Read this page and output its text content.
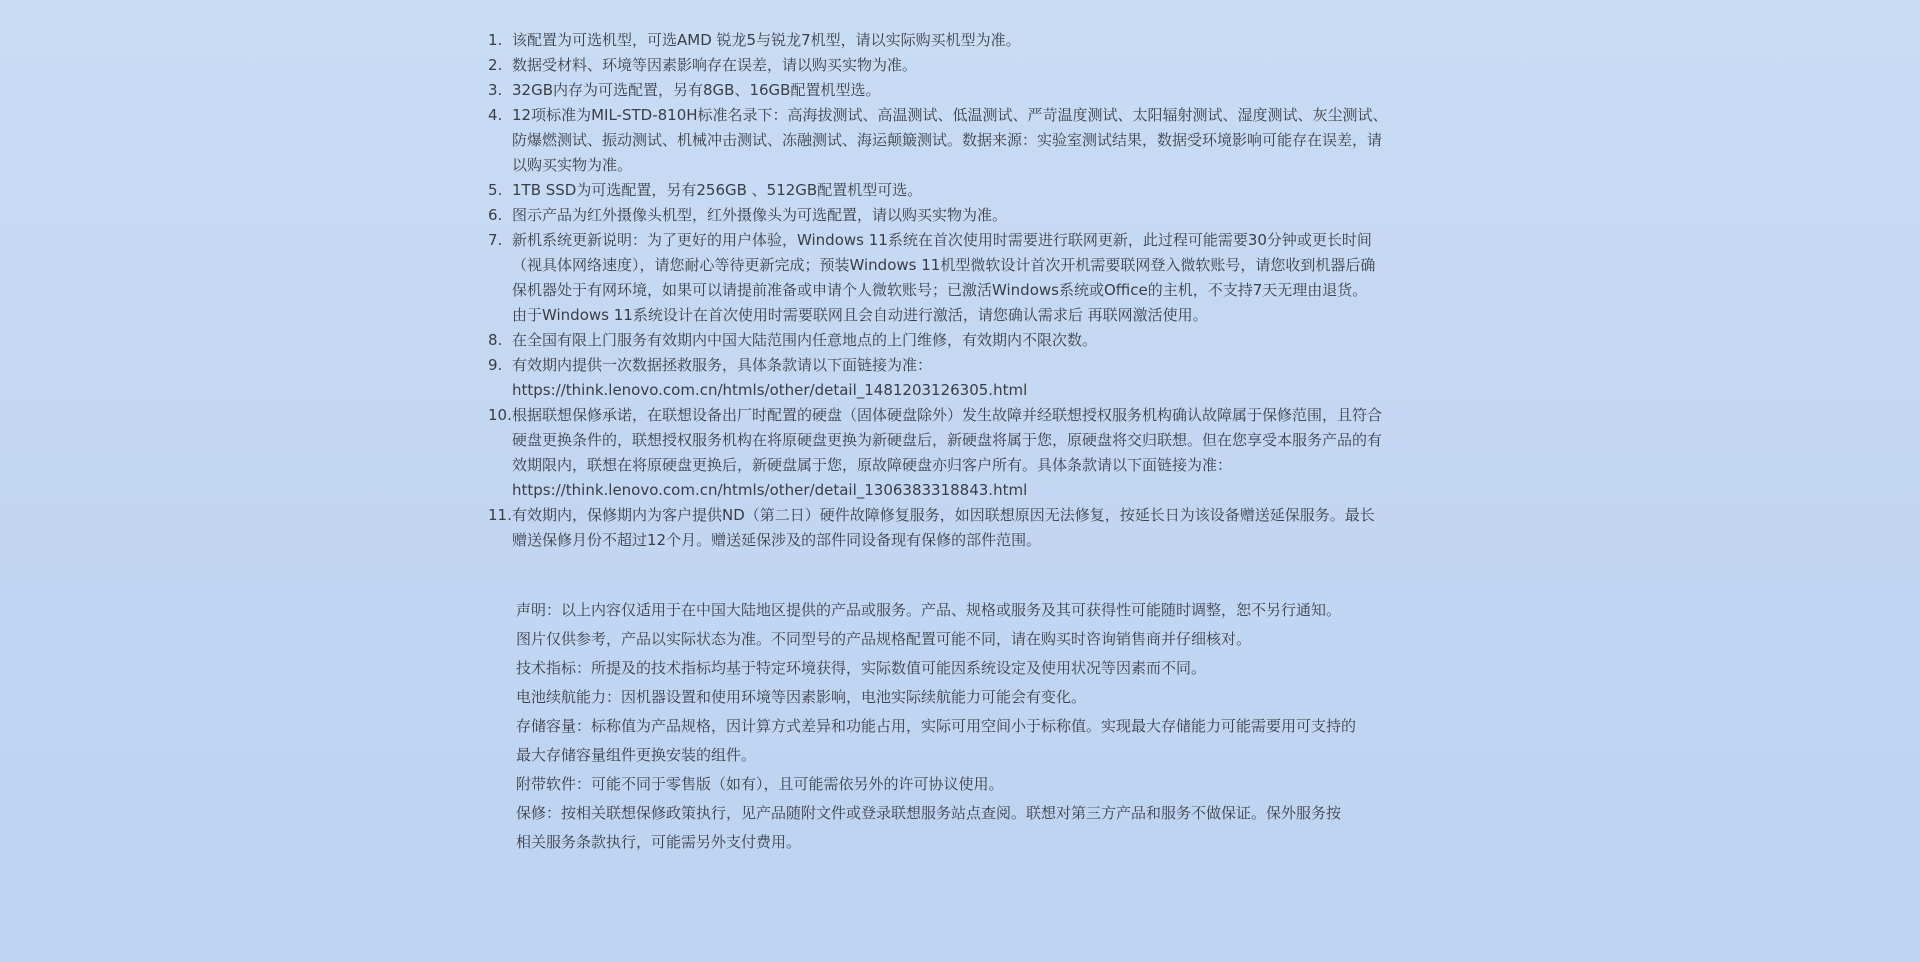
1. 该配置为可选机型，可选AMD 锐龙5与锐龙7机型，请以实际购买机型为准。
2. 数据受材料、环境等因素影响存在误差，请以购买实物为准。
3. 32GB内存为可选配置，另有8GB、16GB配置机型选。
4. 12项标准为MIL-STD-810H标准名录下：高海拔测试、高温测试、低温测试、严苛温度测试、太阳辐射测试、湿度测试、灰尘测试、
防爆燃测试、振动测试、机械冲击测试、冻融测试、海运颠簸测试。数据来源：实验室测试结果，数据受环境影响可能存在误差，请
以购买实物为准。
5. 1TB SSD为可选配置，另有256GB 、512GB配置机型可选。
6. 图示产品为红外摄像头机型，红外摄像头为可选配置，请以购买实物为准。
7. 新机系统更新说明：为了更好的用户体验，Windows 11系统在首次使用时需要进行联网更新，此过程可能需要30分钟或更长时间
（视具体网络速度），请您耐心等待更新完成；预装Windows 11机型微软设计首次开机需要联网登入微软账号，请您收到机器后确
保机器处于有网环境，如果可以请提前准备或申请个人微软账号；已激活Windows系统或Office的主机，不支持7天无理由退货。
由于Windows 11系统设计在首次使用时需要联网且会自动进行激活，请您确认需求后 再联网激活使用。
8. 在全国有限上门服务有效期内中国大陆范围内任意地点的上门维修，有效期内不限次数。
9. 有效期内提供一次数据拯救服务，具体条款请以下面链接为准：
https://think.lenovo.com.cn/htmls/other/detail_1481203126305.html
10. 根据联想保修承诺，在联想设备出厂时配置的硬盘（固体硬盘除外）发生故障并经联想授权服务机构确认故障属于保修范围，且符合
硬盘更换条件的，联想授权服务机构在将原硬盘更换为新硬盘后，新硬盘将属于您，原硬盘将交归联想。但在您享受本服务产品的有
效期限内，联想在将原硬盘更换后，新硬盘属于您，原故障硬盘亦归客户所有。具体条款请以下面链接为准：
https://think.lenovo.com.cn/htmls/other/detail_1306383318843.html
11. 有效期内，保修期内为客户提供ND（第二日）硬件故障修复服务，如因联想原因无法修复，按延长日为该设备赠送延保服务。最长
赠送保修月份不超过12个月。赠送延保涉及的部件同设备现有保修的部件范围。
声明：以上内容仅适用于在中国大陆地区提供的产品或服务。产品、规格或服务及其可获得性可能随时调整，恕不另行通知。
图片仅供参考，产品以实际状态为准。不同型号的产品规格配置可能不同，请在购买时咨询销售商并仔细核对。
技术指标：所提及的技术指标均基于特定环境获得，实际数值可能因系统设定及使用状况等因素而不同。
电池续航能力：因机器设置和使用环境等因素影响，电池实际续航能力可能会有变化。
存储容量：标称值为产品规格，因计算方式差异和功能占用，实际可用空间小于标称值。实现最大存储能力可能需要用可支持的
最大存储容量组件更换安装的组件。
附带软件：可能不同于零售版（如有），且可能需依另外的许可协议使用。
保修：按相关联想保修政策执行，见产品随附文件或登录联想服务站点查阅。联想对第三方产品和服务不做保证。保外服务按
相关服务条款执行，可能需另外支付费用。
